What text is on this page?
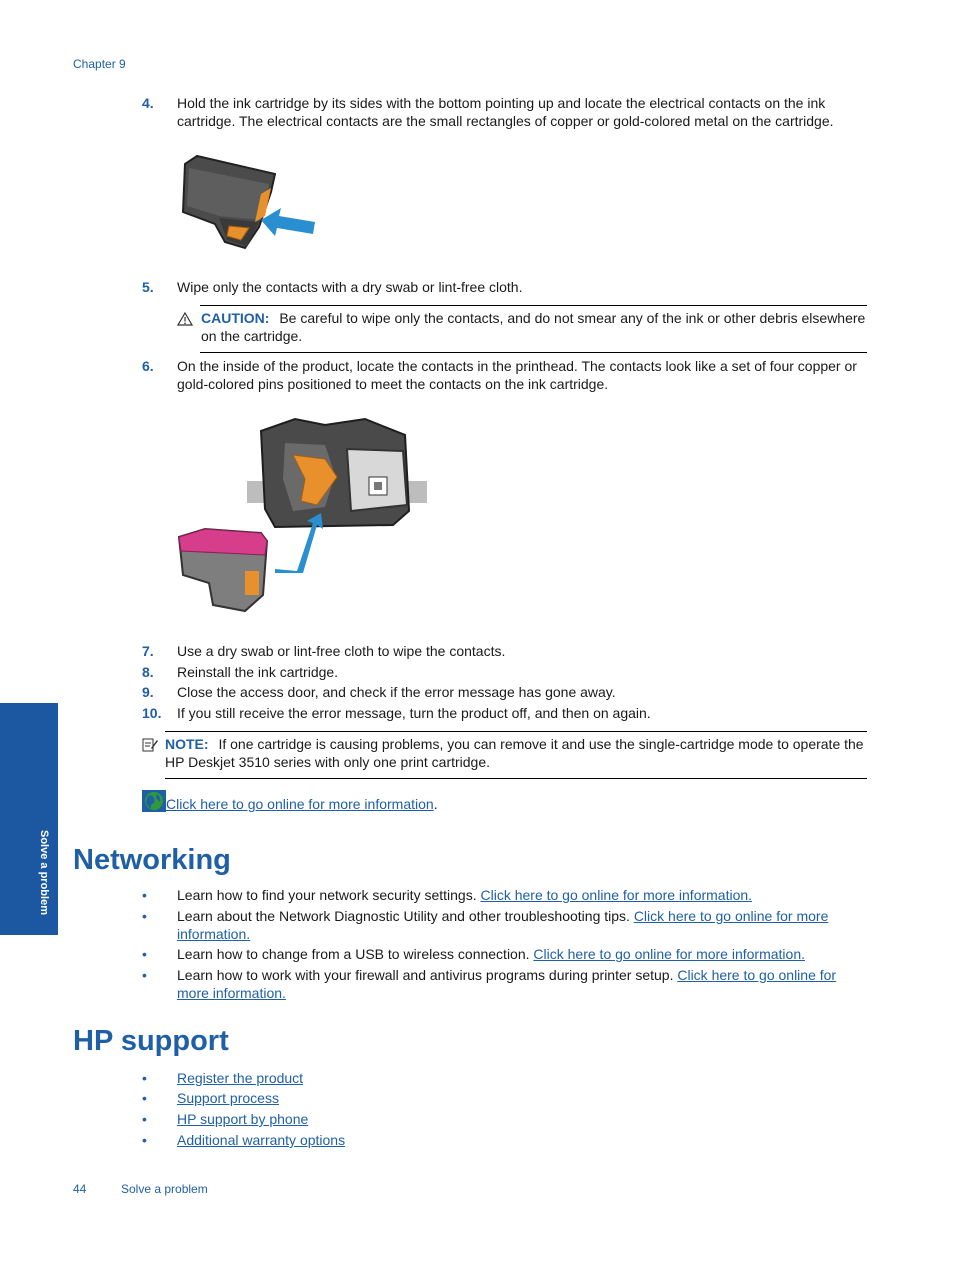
Chapter 9
4. Hold the ink cartridge by its sides with the bottom pointing up and locate the electrical contacts on the ink cartridge. The electrical contacts are the small rectangles of copper or gold-colored metal on the cartridge.
5. Wipe only the contacts with a dry swab or lint-free cloth.
CAUTION: Be careful to wipe only the contacts, and do not smear any of the ink or other debris elsewhere on the cartridge.
6. On the inside of the product, locate the contacts in the printhead. The contacts look like a set of four copper or gold-colored pins positioned to meet the contacts on the ink cartridge.
7. Use a dry swab or lint-free cloth to wipe the contacts.
8. Reinstall the ink cartridge.
9. Close the access door, and check if the error message has gone away.
10. If you still receive the error message, turn the product off, and then on again.
NOTE: If one cartridge is causing problems, you can remove it and use the single-cartridge mode to operate the HP Deskjet 3510 series with only one print cartridge.
Click here to go online for more information.
Solve a problem Networking
• Learn how to find your network security settings. Click here to go online for more information.
• Learn about the Network Diagnostic Utility and other troubleshooting tips. Click here to go online for more information.
• Learn how to change from a USB to wireless connection. Click here to go online for more information.
• Learn how to work with your firewall and antivirus programs during printer setup. Click here to go online for more information.
HP support
• Register the product
• Support process
• HP support by phone
• Additional warranty options
44	Solve a problem
